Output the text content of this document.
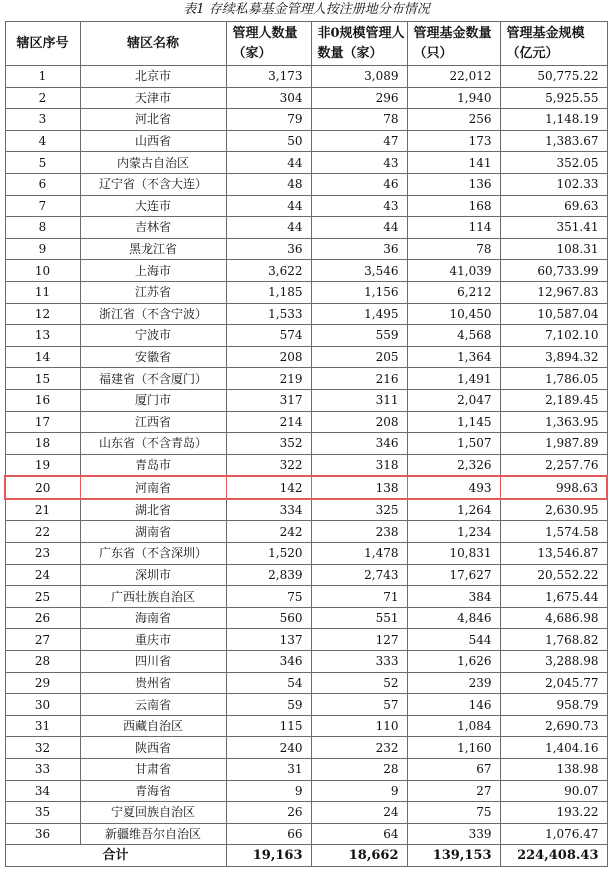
表1 存续私募基金管理人按注册地分布情况
辖区序号	辖区名称	管理人数量（家）	非0规模管理人数量（家）	管理基金数量（只）	管理基金规模（亿元）
1	北京市	3,173	3,089	22,012	50,775.22
2	天津市	304	296	1,940	5,925.55
3	河北省	79	78	256	1,148.19
4	山西省	50	47	173	1,383.67
5	内蒙古自治区	44	43	141	352.05
6	辽宁省（不含大连）	48	46	136	102.33
7	大连市	44	43	168	69.63
8	吉林省	44	44	114	351.41
9	黑龙江省	36	36	78	108.31
10	上海市	3,622	3,546	41,039	60,733.99
11	江苏省	1,185	1,156	6,212	12,967.83
12	浙江省（不含宁波）	1,533	1,495	10,450	10,587.04
13	宁波市	574	559	4,568	7,102.10
14	安徽省	208	205	1,364	3,894.32
15	福建省（不含厦门）	219	216	1,491	1,786.05
16	厦门市	317	311	2,047	2,189.45
17	江西省	214	208	1,145	1,363.95
18	山东省（不含青岛）	352	346	1,507	1,987.89
19	青岛市	322	318	2,326	2,257.76
20	河南省	142	138	493	998.63
21	湖北省	334	325	1,264	2,630.95
22	湖南省	242	238	1,234	1,574.58
23	广东省（不含深圳）	1,520	1,478	10,831	13,546.87
24	深圳市	2,839	2,743	17,627	20,552.22
25	广西壮族自治区	75	71	384	1,675.44
26	海南省	560	551	4,846	4,686.98
27	重庆市	137	127	544	1,768.82
28	四川省	346	333	1,626	3,288.98
29	贵州省	54	52	239	2,045.77
30	云南省	59	57	146	958.79
31	西藏自治区	115	110	1,084	2,690.73
32	陕西省	240	232	1,160	1,404.16
33	甘肃省	31	28	67	138.98
34	青海省	9	9	27	90.07
35	宁夏回族自治区	26	24	75	193.22
36	新疆维吾尔自治区	66	64	339	1,076.47
合计		19,163	18,662	139,153	224,408.43
